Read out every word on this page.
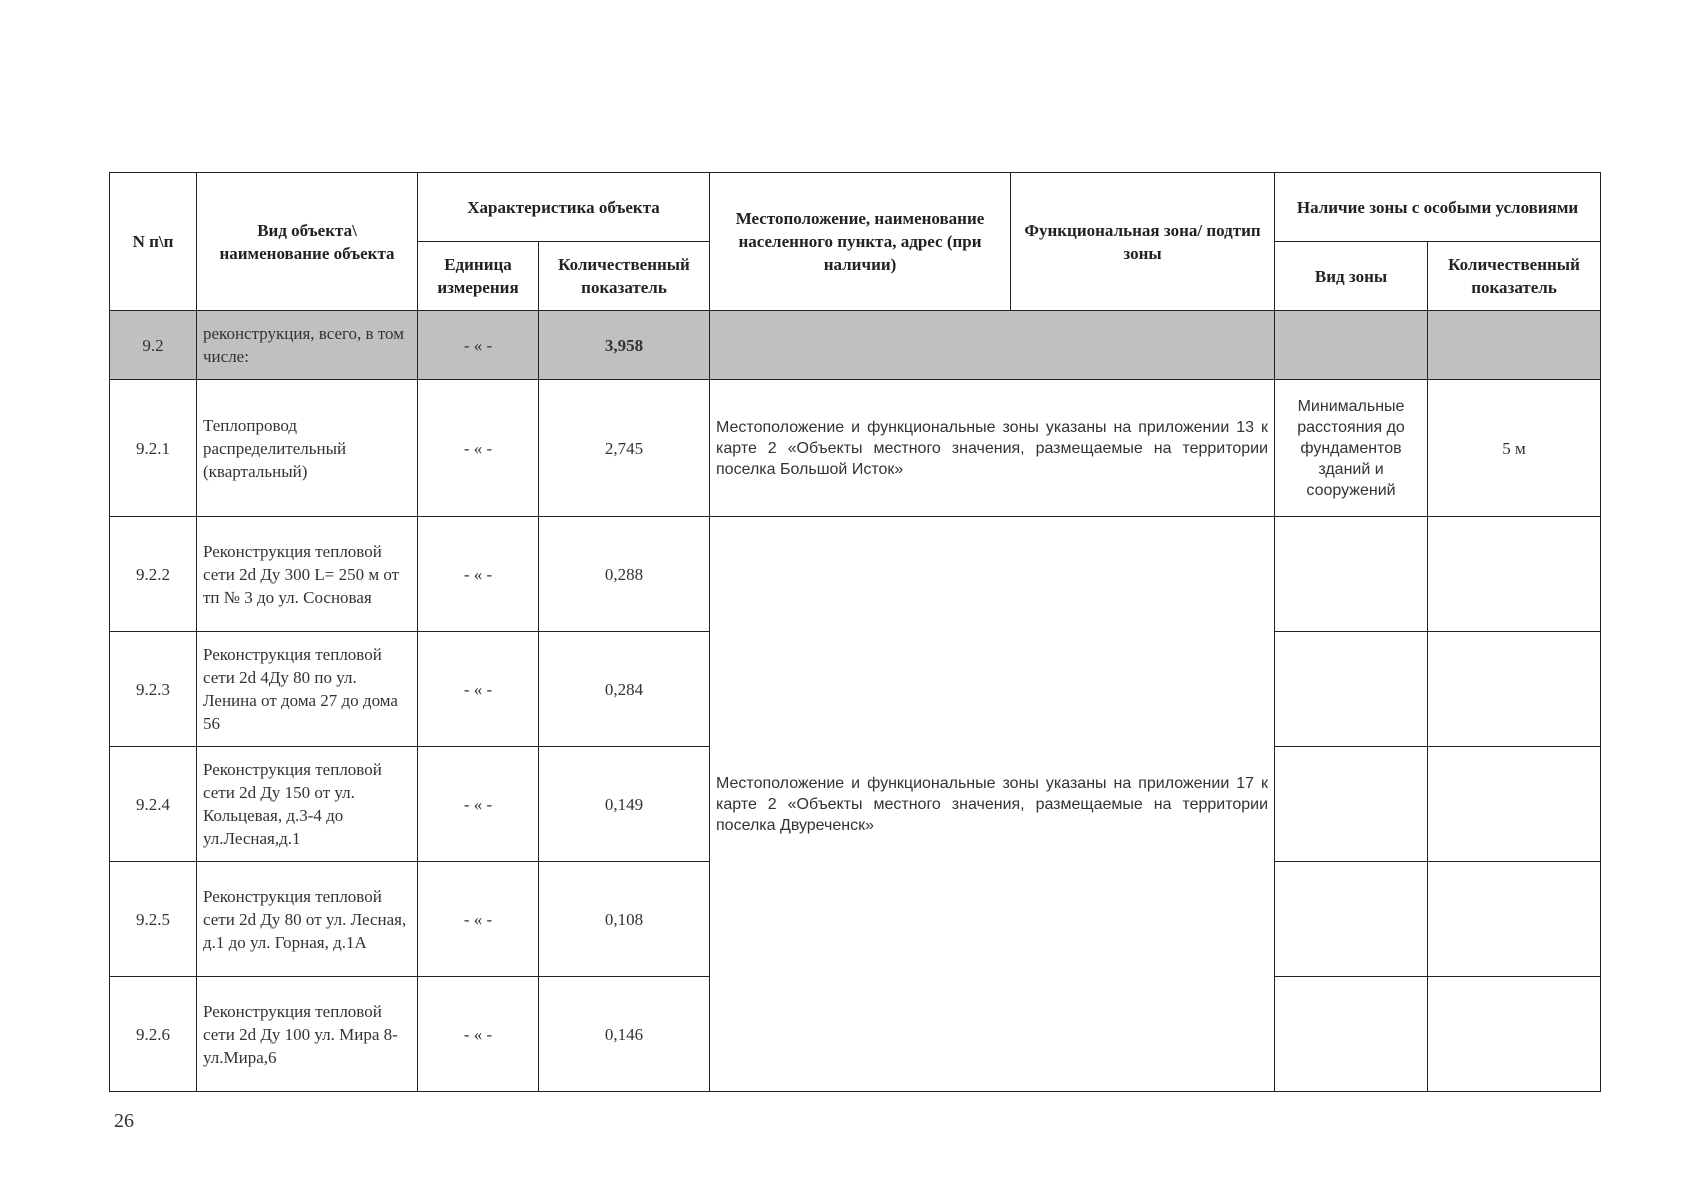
N п\п	Вид объекта\ наименование объекта	Характеристика объекта		Местоположение, наименование населенного пункта, адрес (при наличии)	Функциональная зона/ подтип зоны	Наличие зоны с особыми условиями	
		Единица измерения	Количественный показатель			Вид зоны	Количественный показатель
9.2	реконструкция, всего, в том числе:	- « -	3,958				
9.2.1	Теплопровод распределительный (квартальный)	- « -	2,745	Местоположение и функциональные зоны указаны на приложении 13 к карте 2 «Объекты местного значения, размещаемые на территории поселка Большой Исток»		Минимальные расстояния до фундаментов зданий и сооружений	5 м
9.2.2	Реконструкция тепловой сети 2d Ду 300 L= 250 м от тп № 3 до ул. Сосновая	- « -	0,288	Местоположение и функциональные зоны указаны на приложении 17 к карте 2 «Объекты местного значения, размещаемые на территории поселка Двуреченск»			
9.2.3	Реконструкция тепловой сети 2d 4Ду 80 по ул. Ленина от дома 27 до дома 56	- « -	0,284				
9.2.4	Реконструкция тепловой сети 2d Ду 150 от ул. Кольцевая, д.3-4 до ул.Лесная,д.1	- « -	0,149				
9.2.5	Реконструкция тепловой сети 2d Ду 80 от ул. Лесная, д.1 до ул. Горная, д.1А	- « -	0,108				
9.2.6	Реконструкция тепловой сети 2d Ду 100 ул. Мира 8- ул.Мира,6	- « -	0,146				
26
